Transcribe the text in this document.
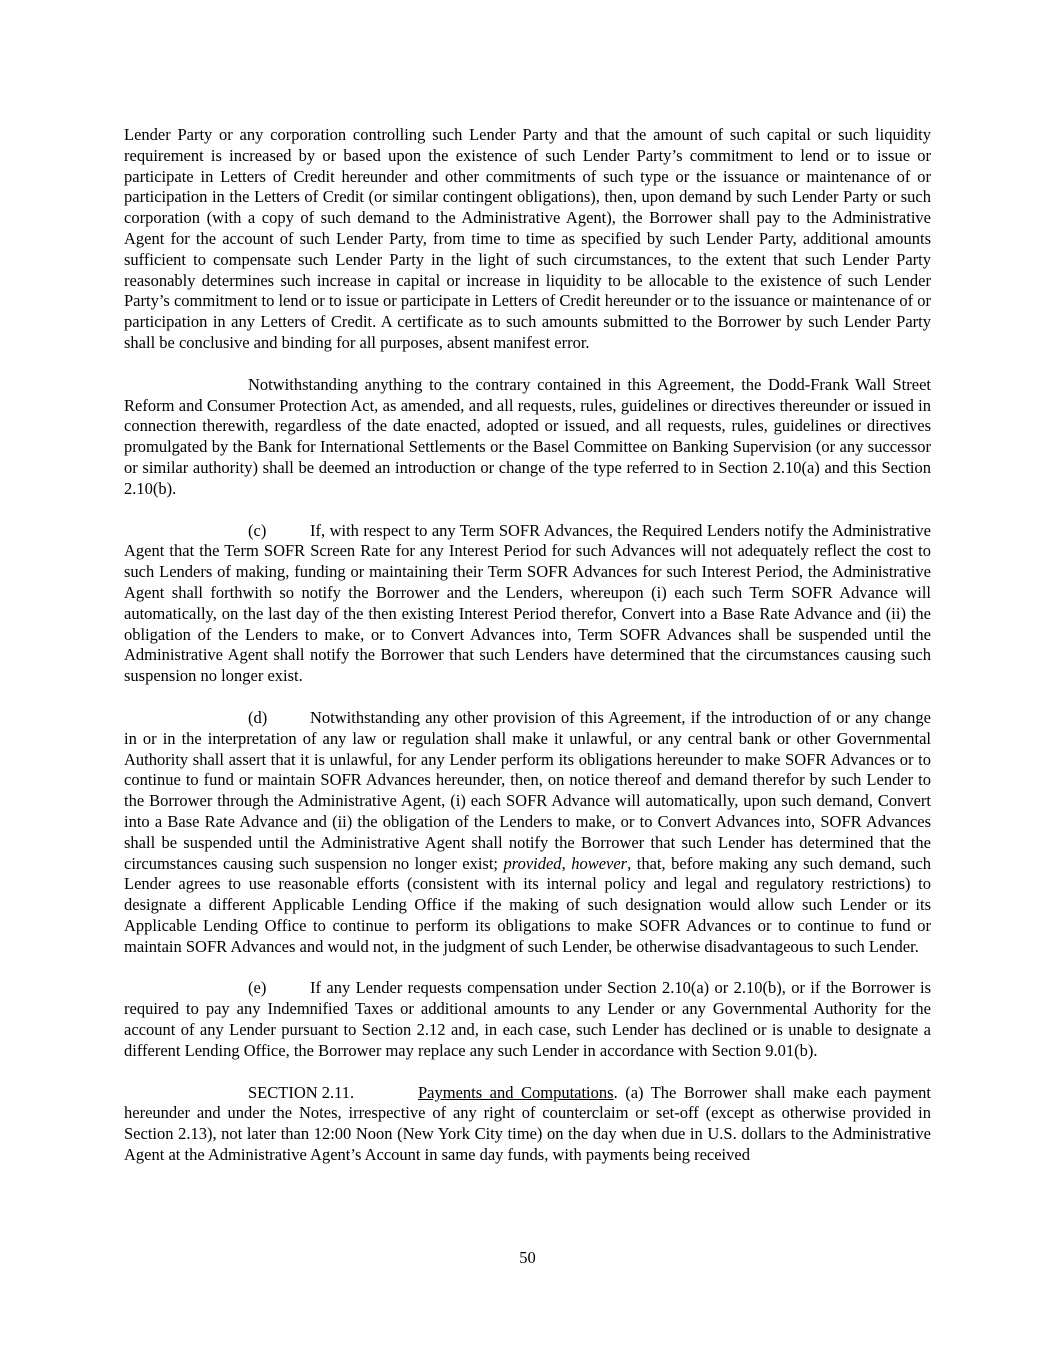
Lender Party or any corporation controlling such Lender Party and that the amount of such capital or such liquidity requirement is increased by or based upon the existence of such Lender Party’s commitment to lend or to issue or participate in Letters of Credit hereunder and other commitments of such type or the issuance or maintenance of or participation in the Letters of Credit (or similar contingent obligations), then, upon demand by such Lender Party or such corporation (with a copy of such demand to the Administrative Agent), the Borrower shall pay to the Administrative Agent for the account of such Lender Party, from time to time as specified by such Lender Party, additional amounts sufficient to compensate such Lender Party in the light of such circumstances, to the extent that such Lender Party reasonably determines such increase in capital or increase in liquidity to be allocable to the existence of such Lender Party’s commitment to lend or to issue or participate in Letters of Credit hereunder or to the issuance or maintenance of or participation in any Letters of Credit. A certificate as to such amounts submitted to the Borrower by such Lender Party shall be conclusive and binding for all purposes, absent manifest error.

Notwithstanding anything to the contrary contained in this Agreement, the Dodd-Frank Wall Street Reform and Consumer Protection Act, as amended, and all requests, rules, guidelines or directives thereunder or issued in connection therewith, regardless of the date enacted, adopted or issued, and all requests, rules, guidelines or directives promulgated by the Bank for International Settlements or the Basel Committee on Banking Supervision (or any successor or similar authority) shall be deemed an introduction or change of the type referred to in Section 2.10(a) and this Section 2.10(b).

(c)	If, with respect to any Term SOFR Advances, the Required Lenders notify the Administrative Agent that the Term SOFR Screen Rate for any Interest Period for such Advances will not adequately reflect the cost to such Lenders of making, funding or maintaining their Term SOFR Advances for such Interest Period, the Administrative Agent shall forthwith so notify the Borrower and the Lenders, whereupon (i) each such Term SOFR Advance will automatically, on the last day of the then existing Interest Period therefor, Convert into a Base Rate Advance and (ii) the obligation of the Lenders to make, or to Convert Advances into, Term SOFR Advances shall be suspended until the Administrative Agent shall notify the Borrower that such Lenders have determined that the circumstances causing such suspension no longer exist.

(d)	Notwithstanding any other provision of this Agreement, if the introduction of or any change in or in the interpretation of any law or regulation shall make it unlawful, or any central bank or other Governmental Authority shall assert that it is unlawful, for any Lender perform its obligations hereunder to make SOFR Advances or to continue to fund or maintain SOFR Advances hereunder, then, on notice thereof and demand therefor by such Lender to the Borrower through the Administrative Agent, (i) each SOFR Advance will automatically, upon such demand, Convert into a Base Rate Advance and (ii) the obligation of the Lenders to make, or to Convert Advances into, SOFR Advances shall be suspended until the Administrative Agent shall notify the Borrower that such Lender has determined that the circumstances causing such suspension no longer exist; provided, however, that, before making any such demand, such Lender agrees to use reasonable efforts (consistent with its internal policy and legal and regulatory restrictions) to designate a different Applicable Lending Office if the making of such designation would allow such Lender or its Applicable Lending Office to continue to perform its obligations to make SOFR Advances or to continue to fund or maintain SOFR Advances and would not, in the judgment of such Lender, be otherwise disadvantageous to such Lender.

(e)	If any Lender requests compensation under Section 2.10(a) or 2.10(b), or if the Borrower is required to pay any Indemnified Taxes or additional amounts to any Lender or any Governmental Authority for the account of any Lender pursuant to Section 2.12 and, in each case, such Lender has declined or is unable to designate a different Lending Office, the Borrower may replace any such Lender in accordance with Section 9.01(b).

SECTION 2.11.	Payments and Computations. (a) The Borrower shall make each payment hereunder and under the Notes, irrespective of any right of counterclaim or set-off (except as otherwise provided in Section 2.13), not later than 12:00 Noon (New York City time) on the day when due in U.S. dollars to the Administrative Agent at the Administrative Agent’s Account in same day funds, with payments being received

50
